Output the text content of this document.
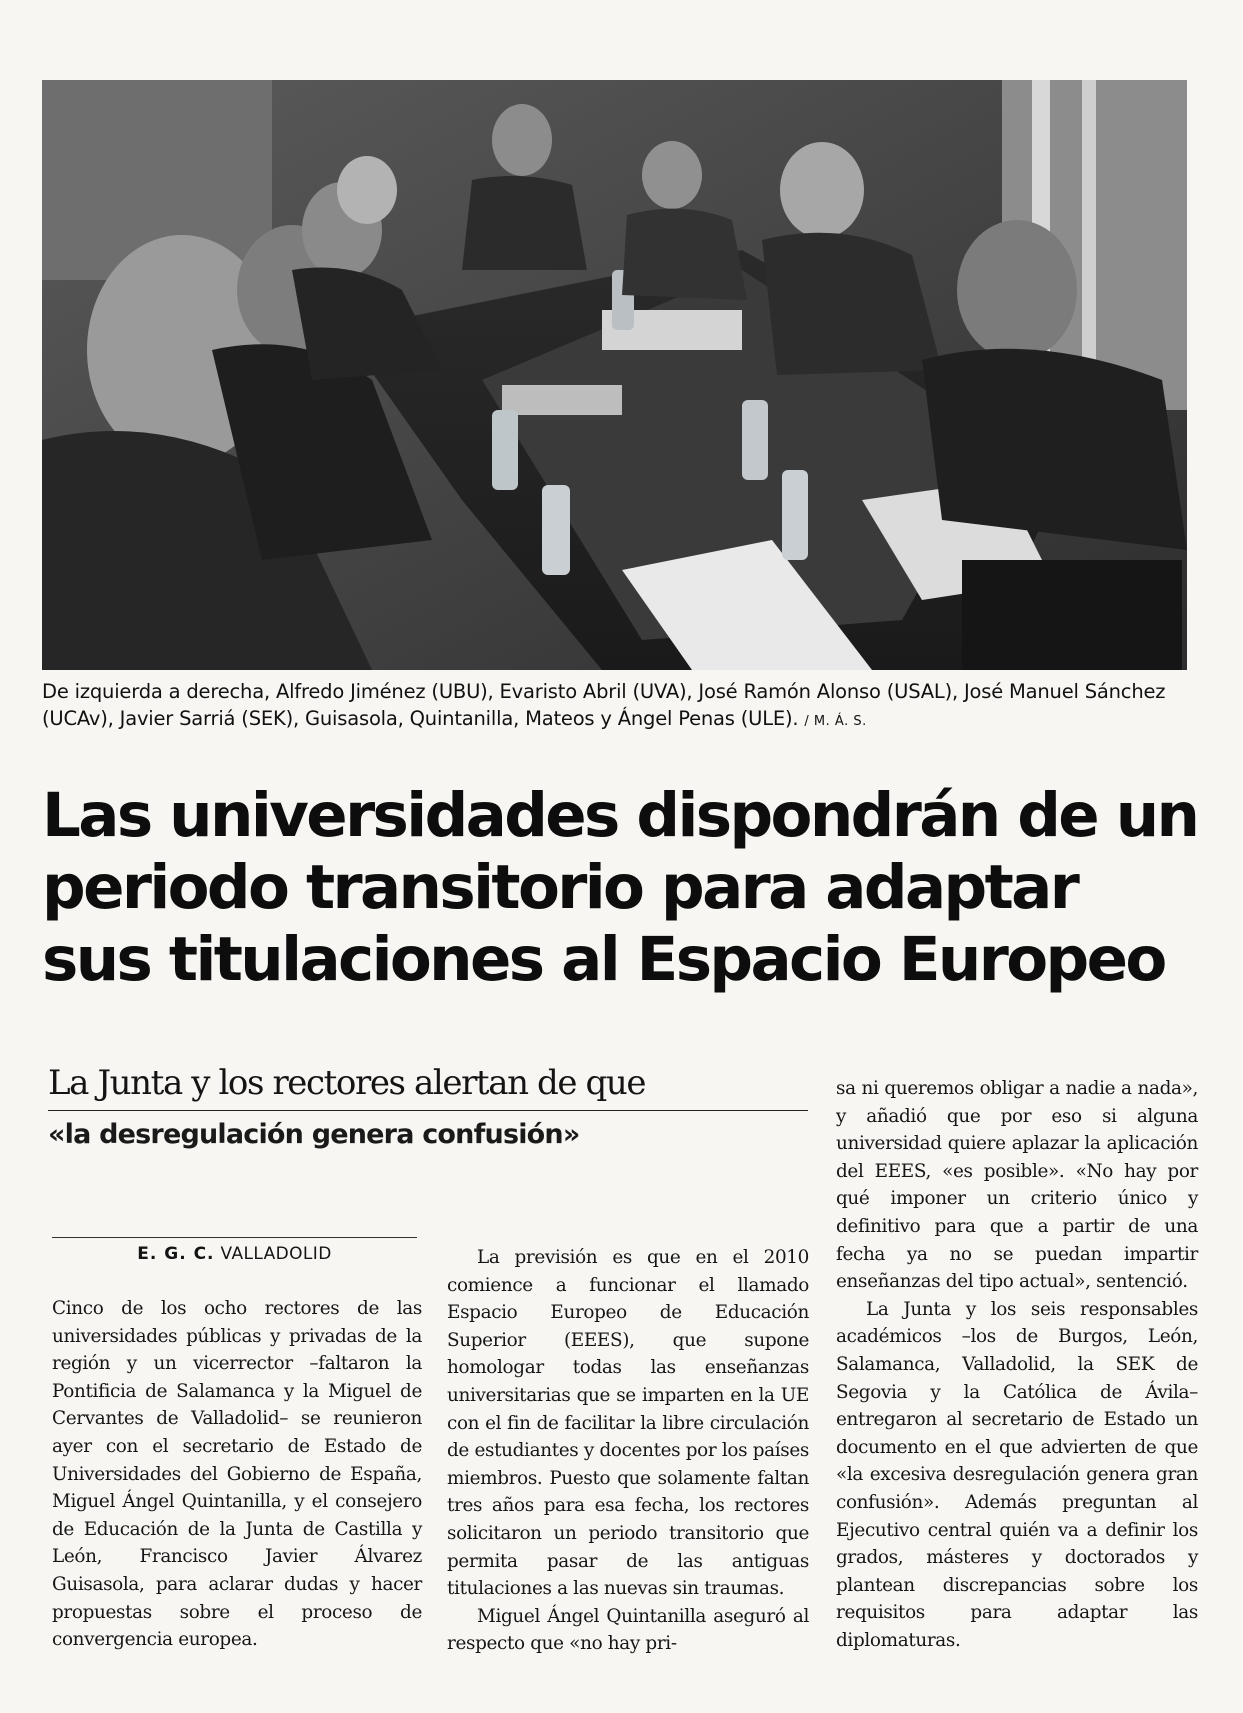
De izquierda a derecha, Alfredo Jiménez (UBU), Evaristo Abril (UVA), José Ramón Alonso (USAL), José Manuel Sánchez (UCAv), Javier Sarriá (SEK), Guisasola, Quintanilla, Mateos y Ángel Penas (ULE). / M. Á. S.
Las universidades dispondrán de un periodo transitorio para adaptar sus titulaciones al Espacio Europeo
La Junta y los rectores alertan de que
«la desregulación genera confusión»
E. G. C. VALLADOLID

Cinco de los ocho rectores de las universidades públicas y privadas de la región y un vicerrector –faltaron la Pontificia de Salamanca y la Miguel de Cervantes de Valladolid– se reunieron ayer con el secretario de Estado de Universidades del Gobierno de España, Miguel Ángel Quintanilla, y el consejero de Educación de la Junta de Castilla y León, Francisco Javier Álvarez Guisasola, para aclarar dudas y hacer propuestas sobre el proceso de convergencia europea.

La previsión es que en el 2010 comience a funcionar el llamado Espacio Europeo de Educación Superior (EEES), que supone homologar todas las enseñanzas universitarias que se imparten en la UE con el fin de facilitar la libre circulación de estudiantes y docentes por los países miembros. Puesto que solamente faltan tres años para esa fecha, los rectores solicitaron un periodo transitorio que permita pasar de las antiguas titulaciones a las nuevas sin traumas.

Miguel Ángel Quintanilla aseguró al respecto que «no hay pri-

sa ni queremos obligar a nadie a nada», y añadió que por eso si alguna universidad quiere aplazar la aplicación del EEES, «es posible». «No hay por qué imponer un criterio único y definitivo para que a partir de una fecha ya no se puedan impartir enseñanzas del tipo actual», sentenció.

La Junta y los seis responsables académicos –los de Burgos, León, Salamanca, Valladolid, la SEK de Segovia y la Católica de Ávila– entregaron al secretario de Estado un documento en el que advierten de que «la excesiva desregulación genera gran confusión». Además preguntan al Ejecutivo central quién va a definir los grados, másteres y doctorados y plantean discrepancias sobre los requisitos para adaptar las diplomaturas.
